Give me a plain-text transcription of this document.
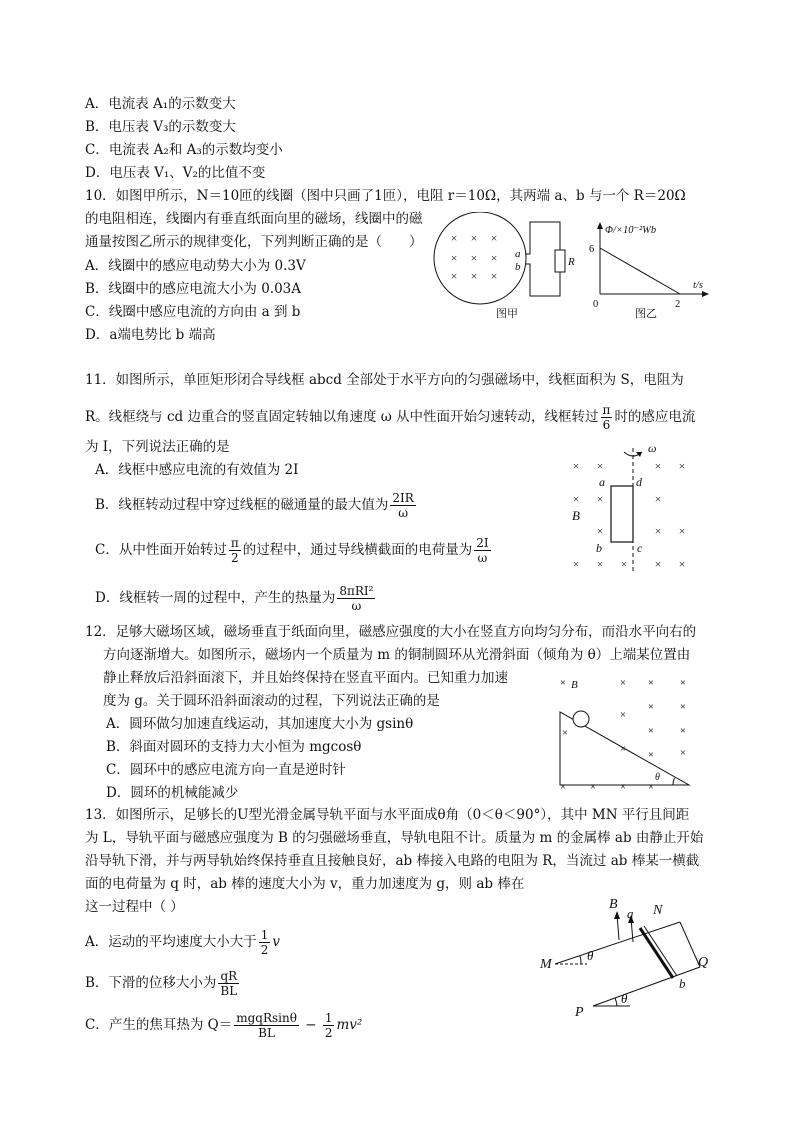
A．电流表 A₁的示数变大
B．电压表 V₃的示数变大
C．电流表 A₂和 A₃的示数均变小
D．电压表 V₁、V₂的比值不变
10．如图甲所示，N＝10匝的线圈（图中只画了1匝），电阻 r＝10Ω，其两端 a、b 与一个 R＝20Ω
的电阻相连，线圈内有垂直纸面向里的磁场，线圈中的磁
通量按图乙所示的规律变化，下列判断正确的是（　　）
A．线圈中的感应电动势大小为 0.3V
B．线圈中的感应电流大小为 0.03A
C．线圈中感应电流的方向由 a 到 b
D．a端电势比 b 端高
× × ×
× × ×
× × ×
a
b	R
图甲
Φ/×10⁻²Wb
t/s
6
2
0
图乙
11．如图所示，单匝矩形闭合导线框 abcd 全部处于水平方向的匀强磁场中，线框面积为 S，电阻为
R。线框绕与 cd 边重合的竖直固定转轴以角速度 ω 从中性面开始匀速转动，线框转过 $\frac{\pi}{6}$ 时的感应电流
为 I，下列说法正确的是
A．线框中感应电流的有效值为 2I
B．线框转动过程中穿过线框的磁通量的最大值为 $\frac{2IR}{\omega}$
C．从中性面开始转过 $\frac{\pi}{2}$ 的过程中，通过导线横截面的电荷量为 $\frac{2I}{\omega}$
D．线框转一周的过程中，产生的热量为 $\frac{\text{8πRI²}}{\omega}$
× ×	× ×
× ×	×
×	× ×
× × × × ×
ω
a	d
b	c
B
12．足够大磁场区域，磁场垂直于纸面向里，磁感应强度的大小在竖直方向均匀分布，而沿水平向右的
方向逐渐增大。如图所示，磁场内一个质量为 m 的铜制圆环从光滑斜面（倾角为 θ）上端某位置由
静止释放后沿斜面滚下，并且始终保持在竖直平面内。已知重力加速
度为 g。关于圆环沿斜面滚动的过程，下列说法正确的是
A．圆环做匀加速直线运动，其加速度大小为 gsinθ
B．斜面对圆环的支持力大小恒为 mgcosθ
C．圆环中的感应电流方向一直是逆时针
D．圆环的机械能减少
×	× × ×
× ×
×
× ×
×
×	×
×
× × × ×
B
θ
13．如图所示，足够长的U型光滑金属导轨平面与水平面成θ角（0＜θ＜90°），其中 MN 平行且间距
为 L，导轨平面与磁感应强度为 B 的匀强磁场垂直，导轨电阻不计。质量为 m 的金属棒 ab 由静止开始
沿导轨下滑，并与两导轨始终保持垂直且接触良好，ab 棒接入电路的电阻为 R，当流过 ab 棒某一横截
面的电荷量为 q 时，ab 棒的速度大小为 v，重力加速度为 g，则 ab 棒在
这一过程中（ ）
A．运动的平均速度大小大于 $\frac{1}{2}$ v
B．下滑的位移大小为 $\frac{qR}{BL}$
C．产生的焦耳热为 $Q= \frac{\text{mgqRsinθ}}{BL} - \frac{1}{2} mv^2$
B
a N
M	Q
b
P
θ
θ
